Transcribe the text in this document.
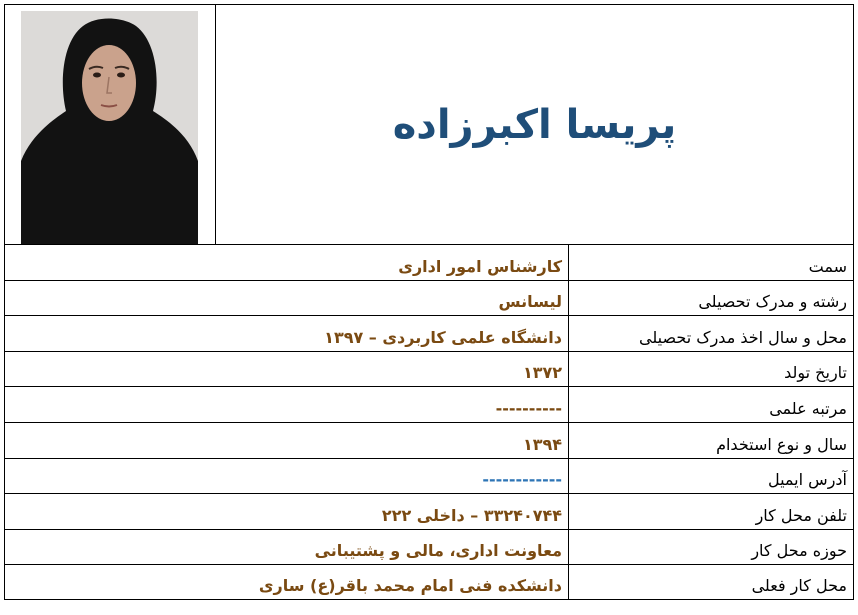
پریسا اکبرزاده
سمت
کارشناس امور اداری
رشته و مدرک تحصیلی
لیسانس
محل و سال اخذ مدرک تحصیلی
دانشگاه علمی کاربردی – ۱۳۹۷
تاریخ تولد
۱۳۷۲
مرتبه علمی
----------
سال و نوع استخدام
۱۳۹۴
آدرس ایمیل
------------
تلفن محل کار
۳۳۲۴۰۷۴۴ – داخلی ۲۲۲
حوزه محل کار
معاونت اداری، مالی و پشتیبانی
محل کار فعلی
دانشکده فنی امام محمد باقر(ع) ساری
